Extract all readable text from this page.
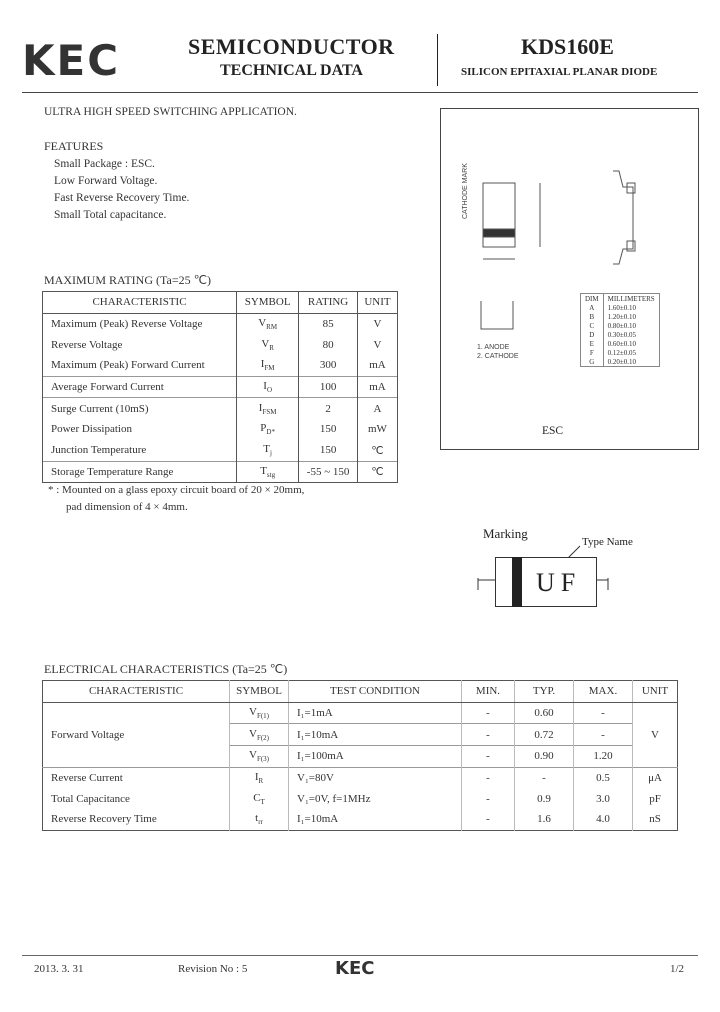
KEC	SEMICONDUCTOR
TECHNICAL DATA
KDS160E
SILICON EPITAXIAL PLANAR DIODE
ULTRA HIGH SPEED SWITCHING APPLICATION.
FEATURES
Small Package : ESC.
Low Forward Voltage.
Fast Reverse Recovery Time.
Small Total capacitance.
MAXIMUM RATING (Ta=25 ℃)
CHARACTERISTIC	SYMBOL	RATING	UNIT
Maximum (Peak) Reverse Voltage	$V_{RM}$	85	V
Reverse Voltage	$V_R$	80	V
Maximum (Peak) Forward Current	$I_{FM}$	300	mA
Average Forward Current	$I_O$	100	mA
Surge Current (10mS)	$I_{FSM}$	2	A
Power Dissipation	$P_{D*}$	150	mW
Junction Temperature	$T_j$	150	℃
Storage Temperature Range	$T_{stg}$	-55 ~ 150	℃
* : Mounted on a glass epoxy circuit board of 20 × 20mm,
pad dimension of 4 × 4mm.
CATHODE MARK
1. ANODE
2. CATHODE
DIM	MILLIMETERS
A	1.60±0.10
B	1.20±0.10
C	0.80±0.10
D	0.30±0.05
E	0.60±0.10
F	0.12±0.05
G	0.20±0.10
ESC
Marking
Type Name
UF
ELECTRICAL CHARACTERISTICS (Ta=25 ℃)
CHARACTERISTIC	SYMBOL	TEST CONDITION	MIN.	TYP.	MAX.	UNIT
Forward Voltage	$V_{F(1)}$	I₁=1mA	-	0.60	-	V
	$V_{F(2)}$	I₁=10mA	-	0.72	-	
	$V_{F(3)}$	I₁=100mA	-	0.90	1.20	
Reverse Current	$I_R$	V₁=80V	-	-	0.5	μA
Total Capacitance	$C_T$	V₁=0V, f=1MHz	-	0.9	3.0	pF
Reverse Recovery Time	$t_{rr}$	I₁=10mA	-	1.6	4.0	nS
2013. 3. 31	Revision No : 5	KEC	1/2
